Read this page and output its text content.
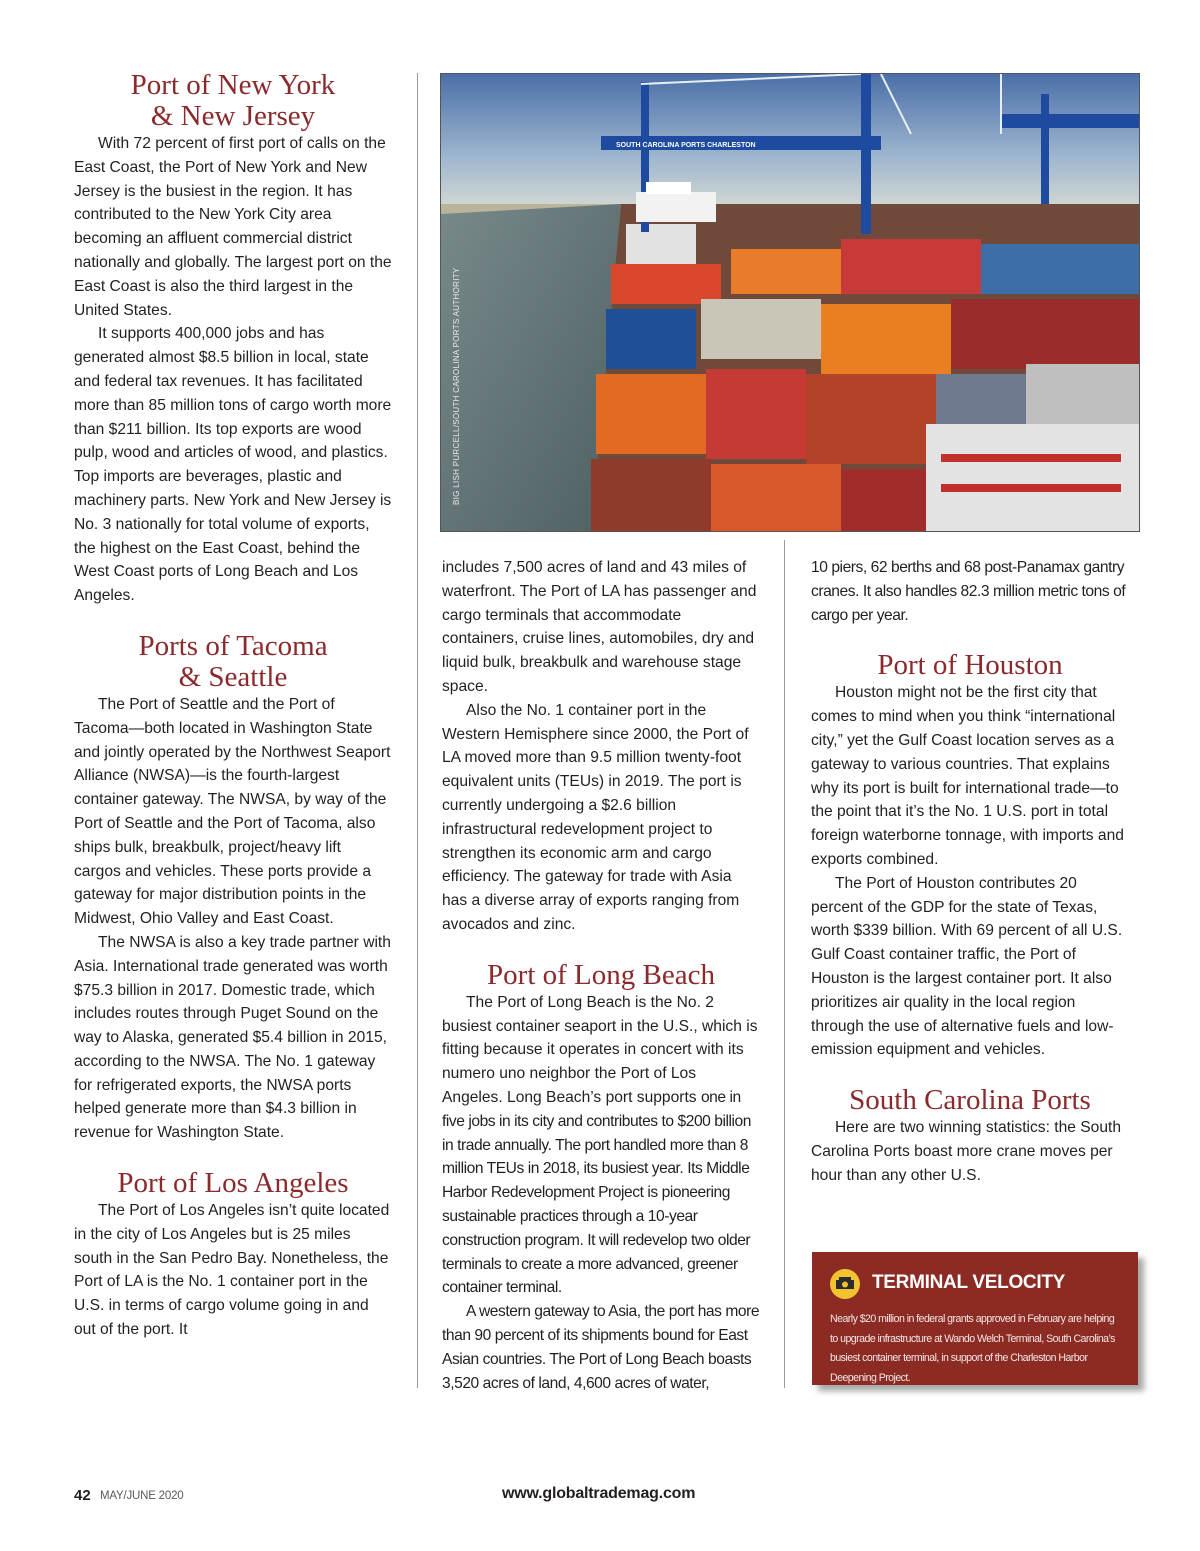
Port of New York
& New Jersey

With 72 percent of first port of calls on the East Coast, the Port of New York and New Jersey is the busiest in the region. It has contributed to the New York City area becoming an affluent commercial district nationally and globally. The largest port on the East Coast is also the third largest in the United States.

It supports 400,000 jobs and has generated almost $8.5 billion in local, state and federal tax revenues. It has facilitated more than 85 million tons of cargo worth more than $211 billion. Its top exports are wood pulp, wood and articles of wood, and plastics. Top imports are beverages, plastic and machinery parts. New York and New Jersey is No. 3 nationally for total volume of exports, the highest on the East Coast, behind the West Coast ports of Long Beach and Los Angeles.

Ports of Tacoma
& Seattle

The Port of Seattle and the Port of Tacoma—both located in Washington State and jointly operated by the Northwest Seaport Alliance (NWSA)—is the fourth-largest container gateway. The NWSA, by way of the Port of Seattle and the Port of Tacoma, also ships bulk, breakbulk, project/heavy lift cargos and vehicles. These ports provide a gateway for major distribution points in the Midwest, Ohio Valley and East Coast.

The NWSA is also a key trade partner with Asia. International trade generated was worth $75.3 billion in 2017. Domestic trade, which includes routes through Puget Sound on the way to Alaska, generated $5.4 billion in 2015, according to the NWSA. The No. 1 gateway for refrigerated exports, the NWSA ports helped generate more than $4.3 billion in revenue for Washington State.

Port of Los Angeles

The Port of Los Angeles isn’t quite located in the city of Los Angeles but is 25 miles south in the San Pedro Bay. Nonetheless, the Port of LA is the No. 1 container port in the U.S. in terms of cargo volume going in and out of the port. It

SOUTH CAROLINA PORTS CHARLESTON
BIG LISH PURCELL/SOUTH CAROLINA PORTS AUTHORITY

includes 7,500 acres of land and 43 miles of waterfront. The Port of LA has passenger and cargo terminals that accommodate containers, cruise lines, automobiles, dry and liquid bulk, breakbulk and warehouse stage space.

Also the No. 1 container port in the Western Hemisphere since 2000, the Port of LA moved more than 9.5 million twenty-foot equivalent units (TEUs) in 2019. The port is currently undergoing a $2.6 billion infrastructural redevelopment project to strengthen its economic arm and cargo efficiency. The gateway for trade with Asia has a diverse array of exports ranging from avocados and zinc.

Port of Long Beach

The Port of Long Beach is the No. 2 busiest container seaport in the U.S., which is fitting because it operates in concert with its numero uno neighbor the Port of Los Angeles. Long Beach’s port supports one in five jobs in its city and contributes to $200 billion in trade annually. The port handled more than 8 million TEUs in 2018, its busiest year. Its Middle Harbor Redevelopment Project is pioneering sustainable practices through a 10-year construction program. It will redevelop two older terminals to create a more advanced, greener container terminal.

A western gateway to Asia, the port has more than 90 percent of its shipments bound for East Asian countries. The Port of Long Beach boasts 3,520 acres of land, 4,600 acres of water,

10 piers, 62 berths and 68 post-Panamax gantry cranes. It also handles 82.3 million metric tons of cargo per year.

Port of Houston

Houston might not be the first city that comes to mind when you think “international city,” yet the Gulf Coast location serves as a gateway to various countries. That explains why its port is built for international trade—to the point that it’s the No. 1 U.S. port in total foreign waterborne tonnage, with imports and exports combined.

The Port of Houston contributes 20 percent of the GDP for the state of Texas, worth $339 billion. With 69 percent of all U.S. Gulf Coast container traffic, the Port of Houston is the largest container port. It also prioritizes air quality in the local region through the use of alternative fuels and low-emission equipment and vehicles.

South Carolina Ports

Here are two winning statistics: the South Carolina Ports boast more crane moves per hour than any other U.S.

TERMINAL VELOCITY
Nearly $20 million in federal grants approved in February are helping to upgrade infrastructure at Wando Welch Terminal, South Carolina’s busiest container terminal, in support of the Charleston Harbor Deepening Project.
42 MAY/JUNE 2020	www.globaltrademag.com
